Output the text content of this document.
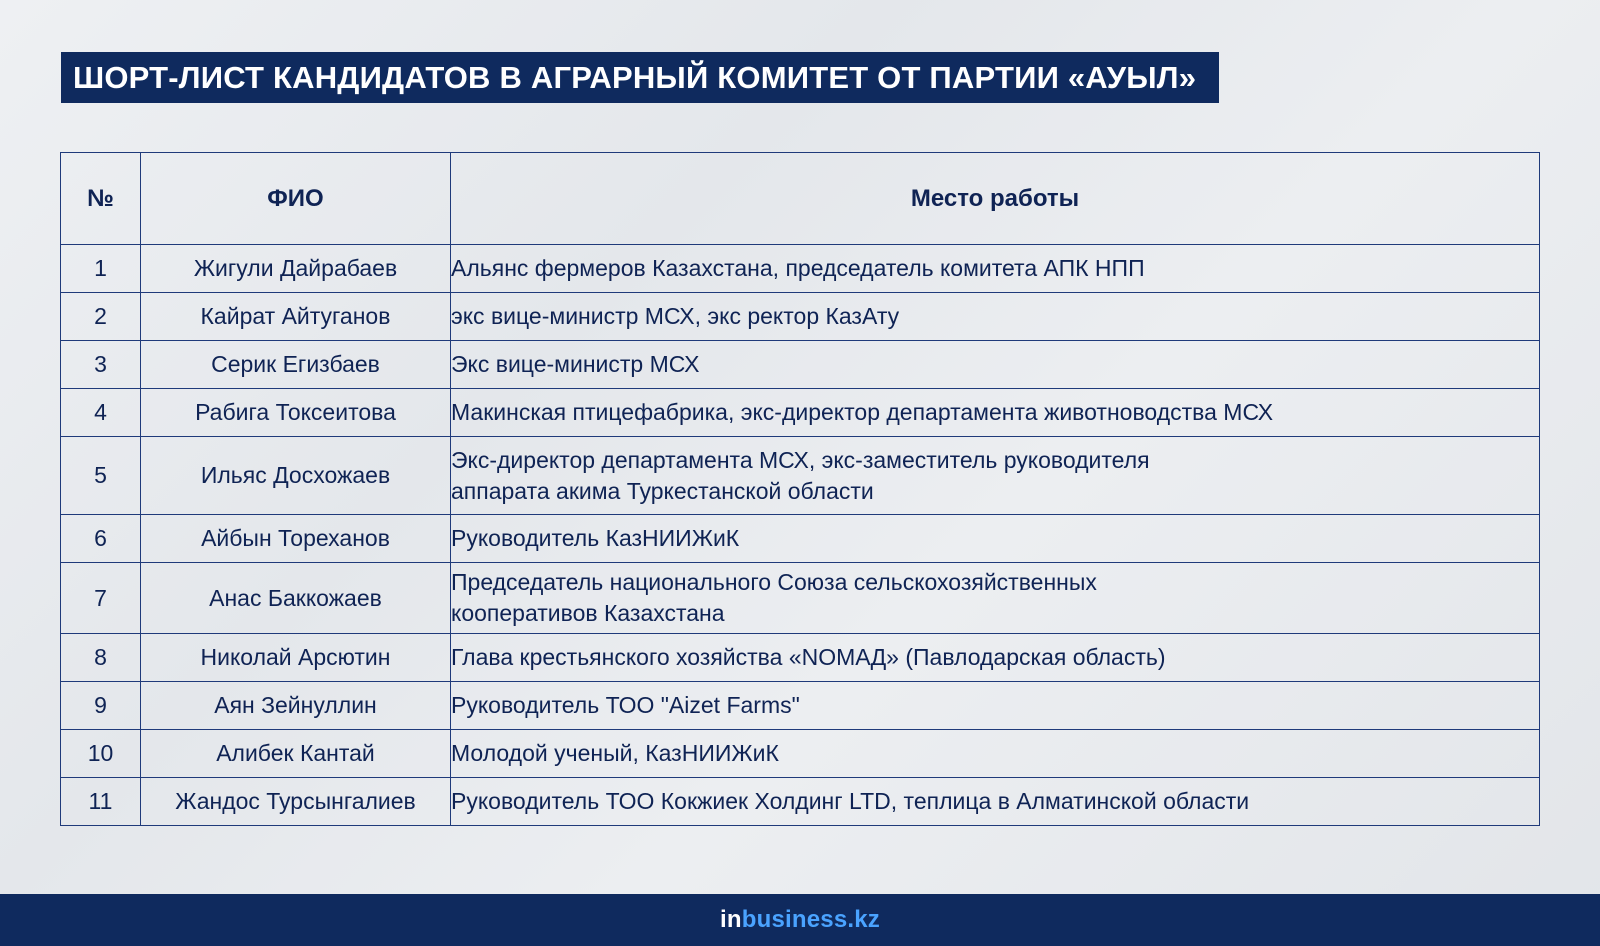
ШОРТ-ЛИСТ КАНДИДАТОВ В АГРАРНЫЙ КОМИТЕТ ОТ ПАРТИИ «АУЫЛ»
№	ФИО	Место работы
1	Жигули Дайрабаев	Альянс фермеров Казахстана, председатель комитета АПК НПП
2	Кайрат Айтуганов	экс вице-министр МСХ, экс ректор КазАту
3	Серик Егизбаев	Экс вице-министр МСХ
4	Рабига Токсеитова	Макинская птицефабрика, экс-директор департамента животноводства МСХ
5	Ильяс Досхожаев	Экс-директор департамента МСХ, экс-заместитель руководителя
аппарата акима Туркестанской области
6	Айбын Тореханов	Руководитель КазНИИЖиК
7	Анас Баккожаев	Председатель национального Союза сельскохозяйственных
кооперативов Казахстана
8	Николай Арсютин	Глава крестьянского хозяйства «NOMAД» (Павлодарская область)
9	Аян Зейнуллин	Руководитель ТОО "Aizet Farms"
10	Алибек Кантай	Молодой ученый, КазНИИЖиК
11	Жандос Турсынгалиев	Руководитель ТОО Кокжиек Холдинг LTD, теплица в Алматинской области
inbusiness.kz
